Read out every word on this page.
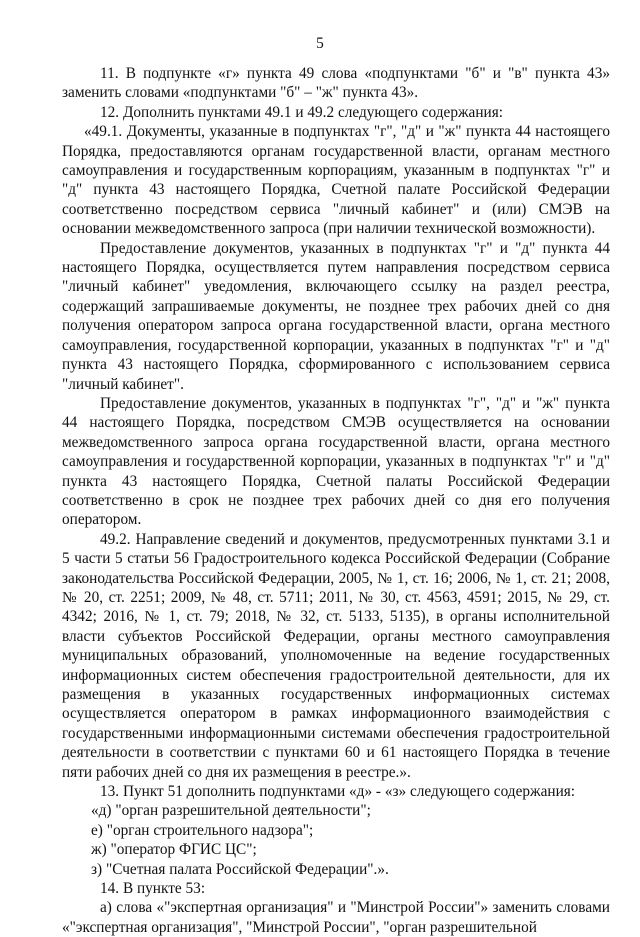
5

11. В подпункте «г» пункта 49 слова «подпунктами "б" и "в" пункта 43» заменить словами «подпунктами "б" – "ж" пункта 43».

12. Дополнить пунктами 49.1 и 49.2 следующего содержания:

«49.1. Документы, указанные в подпунктах "г", "д" и "ж" пункта 44 настоящего Порядка, предоставляются органам государственной власти, органам местного самоуправления и государственным корпорациям, указанным в подпунктах "г" и "д" пункта 43 настоящего Порядка, Счетной палате Российской Федерации соответственно посредством сервиса "личный кабинет" и (или) СМЭВ на основании межведомственного запроса (при наличии технической возможности).

Предоставление документов, указанных в подпунктах "г" и "д" пункта 44 настоящего Порядка, осуществляется путем направления посредством сервиса "личный кабинет" уведомления, включающего ссылку на раздел реестра, содержащий запрашиваемые документы, не позднее трех рабочих дней со дня получения оператором запроса органа государственной власти, органа местного самоуправления, государственной корпорации, указанных в подпунктах "г" и "д" пункта 43 настоящего Порядка, сформированного с использованием сервиса "личный кабинет".

Предоставление документов, указанных в подпунктах "г", "д" и "ж" пункта 44 настоящего Порядка, посредством СМЭВ осуществляется на основании межведомственного запроса органа государственной власти, органа местного самоуправления и государственной корпорации, указанных в подпунктах "г" и "д" пункта 43 настоящего Порядка, Счетной палаты Российской Федерации соответственно в срок не позднее трех рабочих дней со дня его получения оператором.

49.2. Направление сведений и документов, предусмотренных пунктами 3.1 и 5 части 5 статьи 56 Градостроительного кодекса Российской Федерации (Собрание законодательства Российской Федерации, 2005, № 1, ст. 16; 2006, № 1, ст. 21; 2008, № 20, ст. 2251; 2009, № 48, ст. 5711; 2011, № 30, ст. 4563, 4591; 2015, № 29, ст. 4342; 2016, № 1, ст. 79; 2018, № 32, ст. 5133, 5135), в органы исполнительной власти субъектов Российской Федерации, органы местного самоуправления муниципальных образований, уполномоченные на ведение государственных информационных систем обеспечения градостроительной деятельности, для их размещения в указанных государственных информационных системах осуществляется оператором в рамках информационного взаимодействия с государственными информационными системами обеспечения градостроительной деятельности в соответствии с пунктами 60 и 61 настоящего Порядка в течение пяти рабочих дней со дня их размещения в реестре.».

13. Пункт 51 дополнить подпунктами «д» - «з» следующего содержания:

«д) "орган разрешительной деятельности";

е) "орган строительного надзора";

ж) "оператор ФГИС ЦС";

з) "Счетная палата Российской Федерации".».

14. В пункте 53:

а) слова «"экспертная организация" и "Минстрой России"» заменить словами «"экспертная организация", "Минстрой России", "орган разрешительной
